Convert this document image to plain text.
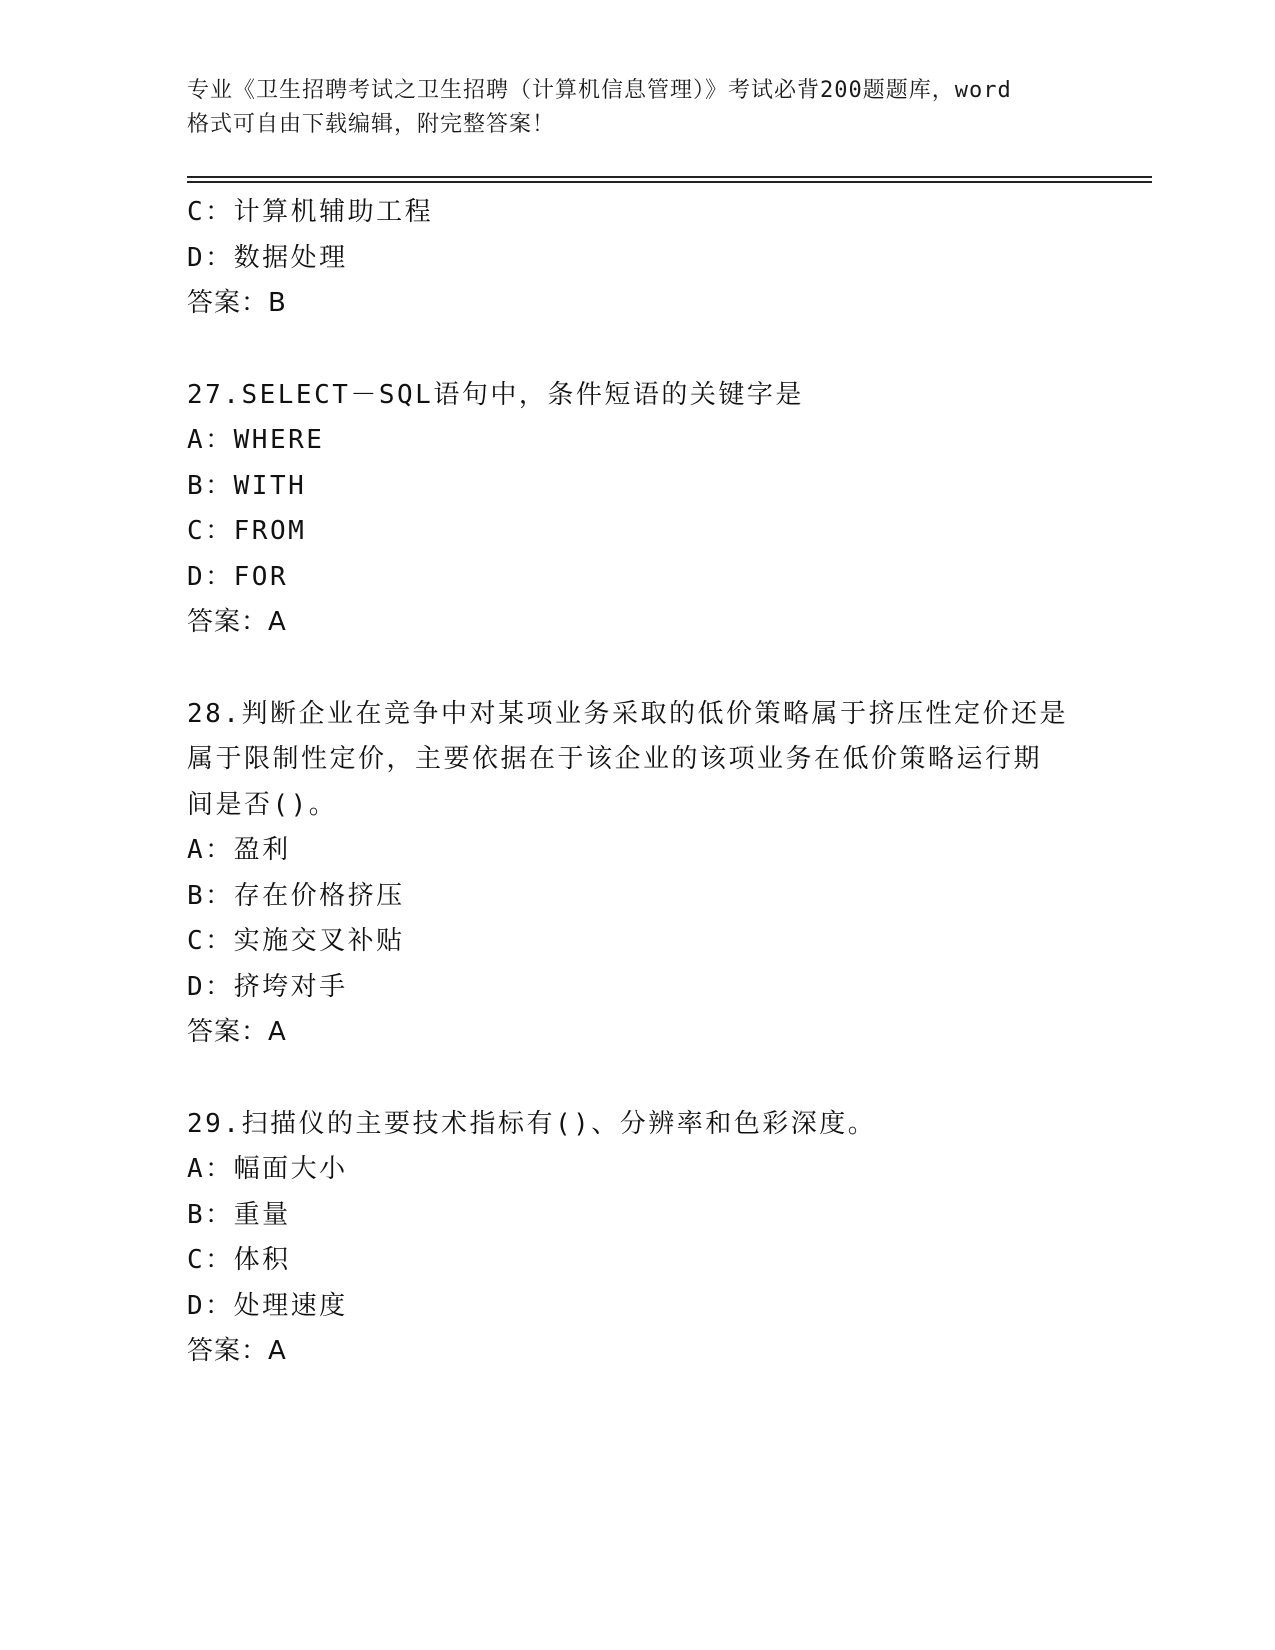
专业《卫生招聘考试之卫生招聘（计算机信息管理）》考试必背200题题库，word
格式可自由下载编辑，附完整答案！
C：计算机辅助工程
D：数据处理
答案：B
27.SELECT－SQL语句中，条件短语的关键字是
A：WHERE
B：WITH
C：FROM
D：FOR
答案：A
28.判断企业在竞争中对某项业务采取的低价策略属于挤压性定价还是
属于限制性定价，主要依据在于该企业的该项业务在低价策略运行期
间是否()。
A：盈利
B：存在价格挤压
C：实施交叉补贴
D：挤垮对手
答案：A
29.扫描仪的主要技术指标有()、分辨率和色彩深度。
A：幅面大小
B：重量
C：体积
D：处理速度
答案：A
